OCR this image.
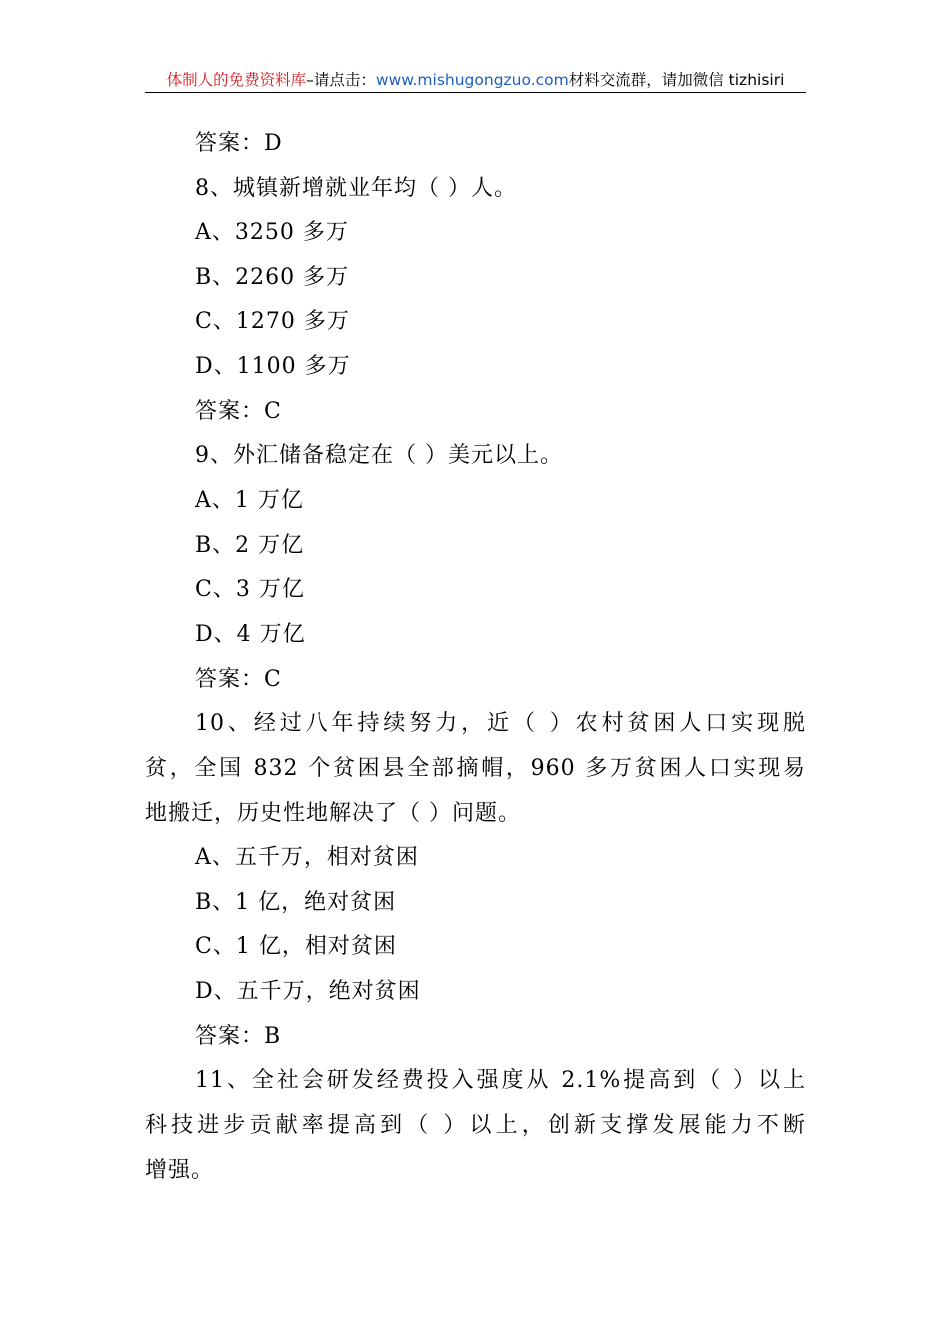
体制人的免费资料库–请点击：www.mishugongzuo.com材料交流群，请加微信 tizhisiri
答案：D
8、城镇新增就业年均（ ）人。
A、3250 多万
B、2260 多万
C、1270 多万
D、1100 多万
答案：C
9、外汇储备稳定在（ ）美元以上。
A、1 万亿
B、2 万亿
C、3 万亿
D、4 万亿
答案：C
10、经过八年持续努力，近（ ）农村贫困人口实现脱
贫，全国 832 个贫困县全部摘帽，960 多万贫困人口实现易
地搬迁，历史性地解决了（ ）问题。
A、五千万，相对贫困
B、1 亿，绝对贫困
C、1 亿，相对贫困
D、五千万，绝对贫困
答案：B
11、全社会研发经费投入强度从 2.1%提高到（ ）以上
科技进步贡献率提高到（ ）以上，创新支撑发展能力不断
增强。
